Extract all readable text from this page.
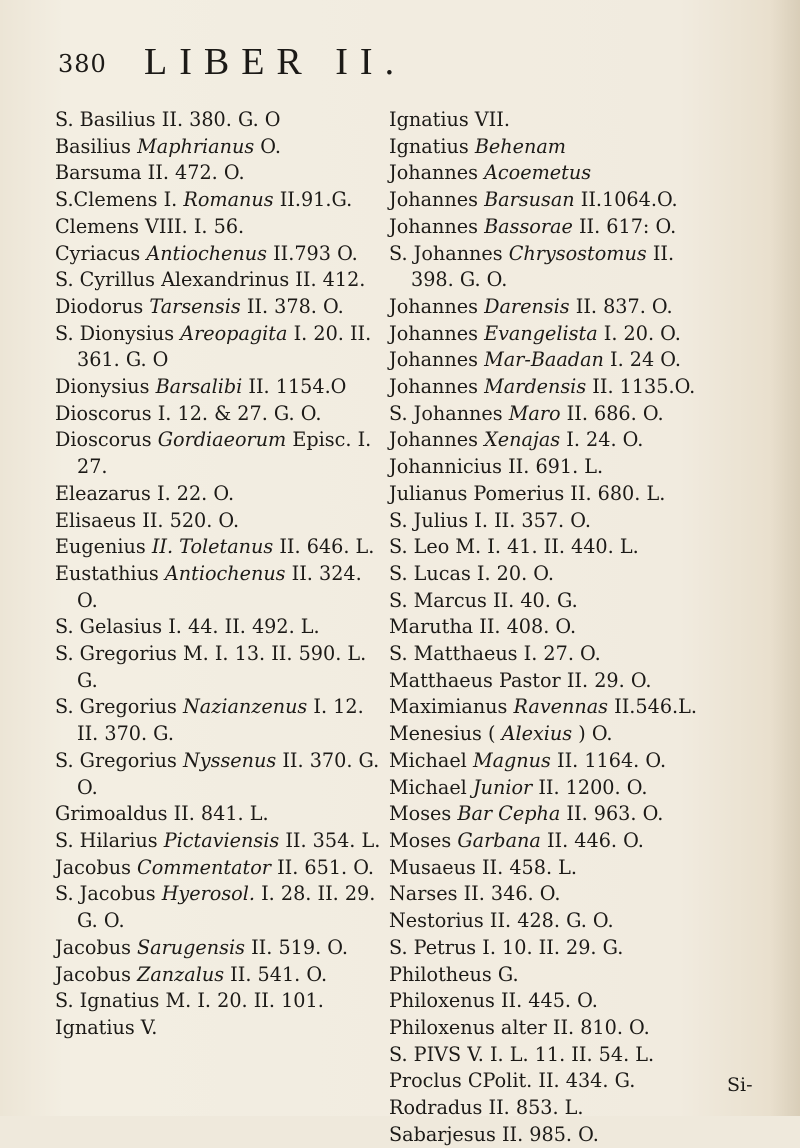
380 LIBER II.

S. Basilius II. 380. G. O

Basilius Maphrianus O.

Barsuma II. 472. O.

S.Clemens I. Romanus II.91.G.

Clemens VIII. I. 56.

Cyriacus Antiochenus II.793 O.

S. Cyrillus Alexandrinus II. 412.

Diodorus Tarsensis II. 378. O.

S. Dionysius Areopagita I. 20. II. 361. G. O

Dionysius Barsalibi II. 1154.O

Dioscorus I. 12. & 27. G. O.

Dioscorus Gordiaeorum Episc. I. 27.

Eleazarus I. 22. O.

Elisaeus II. 520. O.

Eugenius II. Toletanus II. 646. L.

Eustathius Antiochenus II. 324. O.

S. Gelasius I. 44. II. 492. L.

S. Gregorius M. I. 13. II. 590. L. G.

S. Gregorius Nazianzenus I. 12. II. 370. G.

S. Gregorius Nyssenus II. 370. G. O.

Grimoaldus II. 841. L.

S. Hilarius Pictaviensis II. 354. L.

Jacobus Commentator II. 651. O.

S. Jacobus Hyerosol. I. 28. II. 29. G. O.

Jacobus Sarugensis II. 519. O.

Jacobus Zanzalus II. 541. O.

S. Ignatius M. I. 20. II. 101.

Ignatius V.

Ignatius VII.

Ignatius Behenam

Johannes Acoemetus

Johannes Barsusan II.1064.O.

Johannes Bassorae II. 617: O.

S. Johannes Chrysostomus II. 398. G. O.

Johannes Darensis II. 837. O.

Johannes Evangelista I. 20. O.

Johannes Mar-Baadan I. 24 O.

Johannes Mardensis II. 1135.O.

S. Johannes Maro II. 686. O.

Johannes Xenajas I. 24. O.

Johannicius II. 691. L.

Julianus Pomerius II. 680. L.

S. Julius I. II. 357. O.

S. Leo M. I. 41. II. 440. L.

S. Lucas I. 20. O.

S. Marcus II. 40. G.

Marutha II. 408. O.

S. Matthaeus I. 27. O.

Matthaeus Pastor II. 29. O.

Maximianus Ravennas II.546.L.

Menesius ( Alexius ) O.

Michael Magnus II. 1164. O.

Michael Junior II. 1200. O.

Moses Bar Cepha II. 963. O.

Moses Garbana II. 446. O.

Musaeus II. 458. L.

Narses II. 346. O.

Nestorius II. 428. G. O.

S. Petrus I. 10. II. 29. G.

Philotheus G.

Philoxenus II. 445. O.

Philoxenus alter II. 810. O.

S. PIVS V. I. L. 11. II. 54. L.

Proclus CPolit. II. 434. G.

Rodradus II. 853. L.

Sabarjesus II. 985. O.

Si-
